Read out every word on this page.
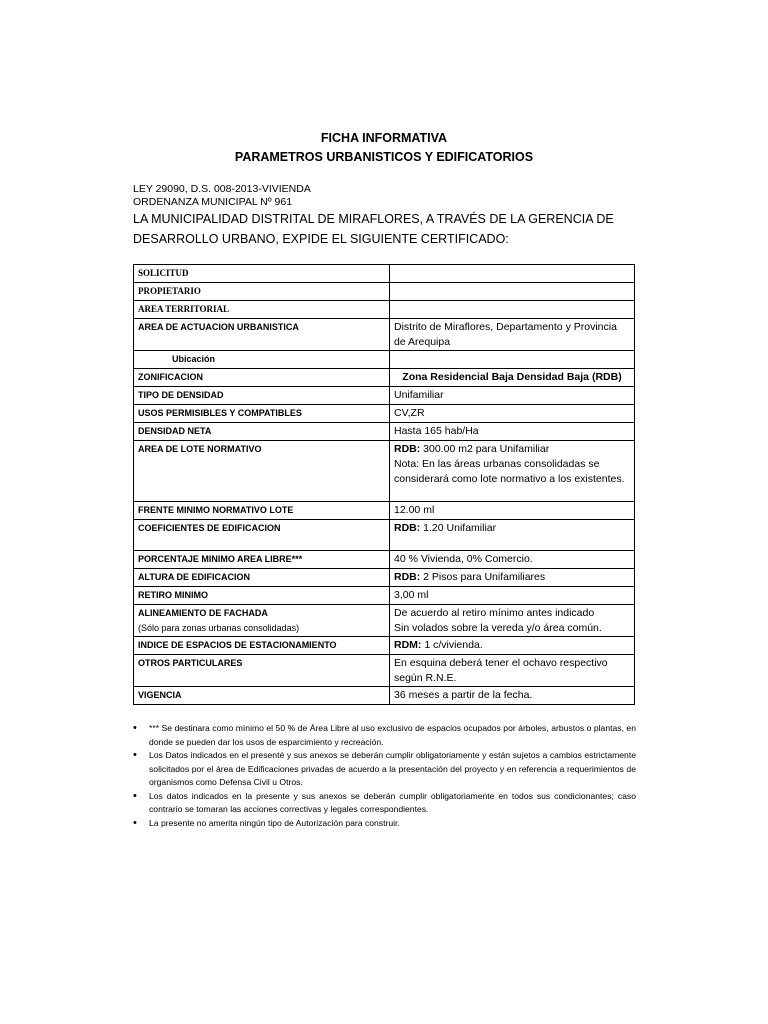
FICHA INFORMATIVA
PARAMETROS URBANISTICOS Y EDIFICATORIOS
LEY 29090, D.S. 008-2013-VIVIENDA
ORDENANZA MUNICIPAL Nº 961
LA MUNICIPALIDAD DISTRITAL DE MIRAFLORES, A TRAVÉS DE LA GERENCIA DE DESARROLLO URBANO, EXPIDE EL SIGUIENTE CERTIFICADO:
SOLICITUD	
PROPIETARIO	
AREA TERRITORIAL	
AREA DE ACTUACION URBANISTICA	Distrito de Miraflores, Departamento y Provincia de Arequipa
Ubicación	
ZONIFICACION	Zona Residencial Baja Densidad Baja (RDB)
TIPO DE DENSIDAD	Unifamiliar
USOS PERMISIBLES Y COMPATIBLES	CV,ZR
DENSIDAD NETA	Hasta 165 hab/Ha
AREA DE LOTE NORMATIVO	RDB: 300.00 m2 para Unifamiliar
Nota: En las áreas urbanas consolidadas se considerará como lote normativo a los existentes.
FRENTE MINIMO NORMATIVO LOTE	12.00 ml
COEFICIENTES DE EDIFICACION	RDB: 1.20 Unifamiliar
PORCENTAJE MINIMO AREA LIBRE***	40 % Vivienda, 0% Comercio.
ALTURA DE EDIFICACION	RDB: 2 Pisos para Unifamiliares
RETIRO MINIMO	3,00 ml
ALINEAMIENTO DE FACHADA
(Sólo para zonas urbanas consolidadas)	De acuerdo al retiro mínimo antes indicado
Sin volados sobre la vereda y/o área común.
INDICE DE ESPACIOS DE ESTACIONAMIENTO	RDM: 1 c/vivienda.
OTROS PARTICULARES	En esquina deberá tener el ochavo respectivo según R.N.E.
VIGENCIA	36 meses a partir de la fecha.
• *** Se destinara como mínimo el 50 % de Área Libre al uso exclusivo de espacios ocupados por árboles, arbustos o plantas, en donde se pueden dar los usos de esparcimiento y recreación.
• Los Datos indicados en el presenté y sus anexos se deberán cumplir obligatoriamente y están sujetos a cambios estrictamente solicitados por el área de Edificaciones privadas de acuerdo a la presentación del proyecto y en referencia a requerimientos de organismos como Defensa Civil u Otros.
• Los datos indicados en la presente y sus anexos se deberán cumplir obligatoriamente en todos sus condicionantes; caso contrario se tomaran las acciones correctivas y legales correspondientes.
• La presente no amerita ningún tipo de Autorización para construir.
